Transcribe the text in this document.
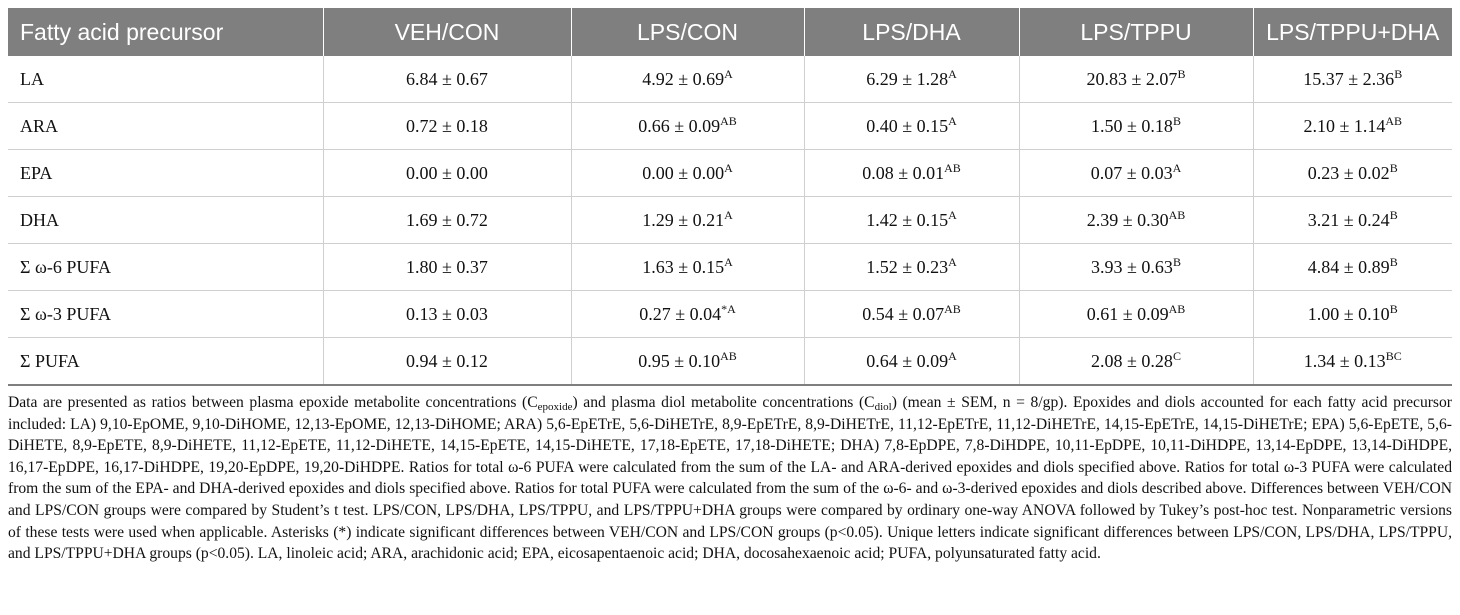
Fatty acid precursor	VEH/CON	LPS/CON	LPS/DHA	LPS/TPPU	LPS/TPPU+DHA
LA	6.84 ± 0.67	$4.92 \pm 0.69^A$	$6.29 \pm 1.28^A$	$20.83 \pm 2.07^B$	$15.37 \pm 2.36^B$
ARA	0.72 ± 0.18	$0.66 \pm 0.09^{AB}$	$0.40 \pm 0.15^A$	$1.50 \pm 0.18^B$	$2.10 \pm 1.14^{AB}$
EPA	0.00 ± 0.00	$0.00 \pm 0.00^A$	$0.08 \pm 0.01^{AB}$	$0.07 \pm 0.03^A$	$0.23 \pm 0.02^B$
DHA	1.69 ± 0.72	$1.29 \pm 0.21^A$	$1.42 \pm 0.15^A$	$2.39 \pm 0.30^{AB}$	$3.21 \pm 0.24^B$
Σ ω-6 PUFA	1.80 ± 0.37	$1.63 \pm 0.15^A$	$1.52 \pm 0.23^A$	$3.93 \pm 0.63^B$	$4.84 \pm 0.89^B$
Σ ω-3 PUFA	0.13 ± 0.03	$0.27 \pm 0.04^{*A}$	$0.54 \pm 0.07^{AB}$	$0.61 \pm 0.09^{AB}$	$1.00 \pm 0.10^B$
Σ PUFA	0.94 ± 0.12	$0.95 \pm 0.10^{AB}$	$0.64 \pm 0.09^A$	$2.08 \pm 0.28^C$	$1.34 \pm 0.13^{BC}$

Data are presented as ratios between plasma epoxide metabolite concentrations $(C_{epoxide})$ and plasma diol metabolite concentrations $(C_{diol})$ (mean ± SEM, n = 8/gp). Epoxides and diols accounted for each fatty acid precursor included: LA) 9,10-EpOME, 9,10-DiHOME, 12,13-EpOME, 12,13-DiHOME; ARA) 5,6-EpETrE, 5,6-DiHETrE, 8,9-EpETrE, 8,9-DiHETrE, 11,12-EpETrE, 11,12-DiHETrE, 14,15-EpETrE, 14,15-DiHETrE; EPA) 5,6-EpETE, 5,6-DiHETE, 8,9-EpETE, 8,9-DiHETE, 11,12-EpETE, 11,12-DiHETE, 14,15-EpETE, 14,15-DiHETE, 17,18-EpETE, 17,18-DiHETE; DHA) 7,8-EpDPE, 7,8-DiHDPE, 10,11-EpDPE, 10,11-DiHDPE, 13,14-EpDPE, 13,14-DiHDPE, 16,17-EpDPE, 16,17-DiHDPE, 19,20-EpDPE, 19,20-DiHDPE. Ratios for total ω-6 PUFA were calculated from the sum of the LA- and ARA-derived epoxides and diols specified above. Ratios for total ω-3 PUFA were calculated from the sum of the EPA- and DHA-derived epoxides and diols specified above. Ratios for total PUFA were calculated from the sum of the ω-6- and ω-3-derived epoxides and diols described above. Differences between VEH/CON and LPS/CON groups were compared by Student’s t test. LPS/CON, LPS/DHA, LPS/TPPU, and LPS/TPPU+DHA groups were compared by ordinary one-way ANOVA followed by Tukey’s post-hoc test. Nonparametric versions of these tests were used when applicable. Asterisks (*) indicate significant differences between VEH/CON and LPS/CON groups (p<0.05). Unique letters indicate significant differences between LPS/CON, LPS/DHA, LPS/TPPU, and LPS/TPPU+DHA groups (p<0.05). LA, linoleic acid; ARA, arachidonic acid; EPA, eicosapentaenoic acid; DHA, docosahexaenoic acid; PUFA, polyunsaturated fatty acid.
